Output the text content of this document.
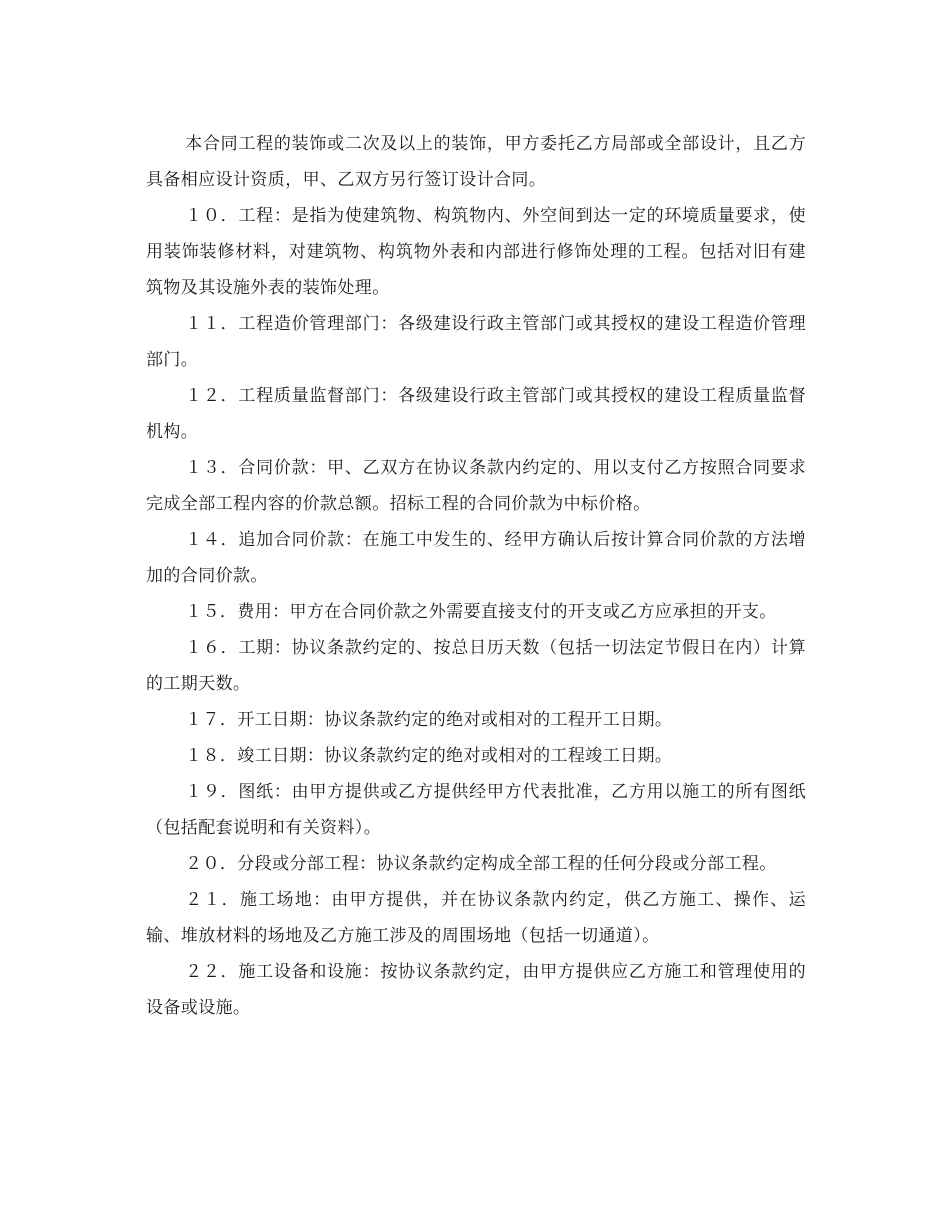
本合同工程的装饰或二次及以上的装饰，甲方委托乙方局部或全部设计，且乙方具备相应设计资质，甲、乙双方另行签订设计合同。

１０．工程：是指为使建筑物、构筑物内、外空间到达一定的环境质量要求，使用装饰装修材料，对建筑物、构筑物外表和内部进行修饰处理的工程。包括对旧有建筑物及其设施外表的装饰处理。

１１．工程造价管理部门：各级建设行政主管部门或其授权的建设工程造价管理部门。

１２．工程质量监督部门：各级建设行政主管部门或其授权的建设工程质量监督机构。

１３．合同价款：甲、乙双方在协议条款内约定的、用以支付乙方按照合同要求完成全部工程内容的价款总额。招标工程的合同价款为中标价格。

１４．追加合同价款：在施工中发生的、经甲方确认后按计算合同价款的方法增加的合同价款。

１５．费用：甲方在合同价款之外需要直接支付的开支或乙方应承担的开支。

１６．工期：协议条款约定的、按总日历天数（包括一切法定节假日在内）计算的工期天数。

１７．开工日期：协议条款约定的绝对或相对的工程开工日期。

１８．竣工日期：协议条款约定的绝对或相对的工程竣工日期。

１９．图纸：由甲方提供或乙方提供经甲方代表批准，乙方用以施工的所有图纸（包括配套说明和有关资料）。

２０．分段或分部工程：协议条款约定构成全部工程的任何分段或分部工程。

２１．施工场地：由甲方提供，并在协议条款内约定，供乙方施工、操作、运输、堆放材料的场地及乙方施工涉及的周围场地（包括一切通道）。

２２．施工设备和设施：按协议条款约定，由甲方提供应乙方施工和管理使用的设备或设施。
